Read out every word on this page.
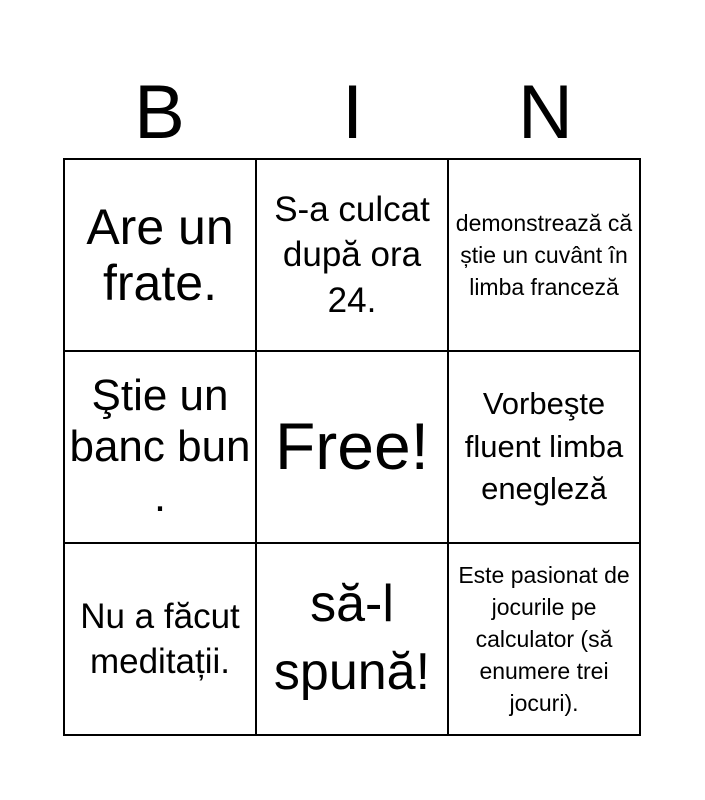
B	I	N
Are un frate.	S-a culcat după ora 24.	demonstrează că știe un cuvânt în limba franceză
Ştie un banc bun .	Free!	Vorbeşte fluent limba enegleză
Nu a făcut meditații.	să-l spună!	Este pasionat de jocurile pe calculator (să enumere trei jocuri).
